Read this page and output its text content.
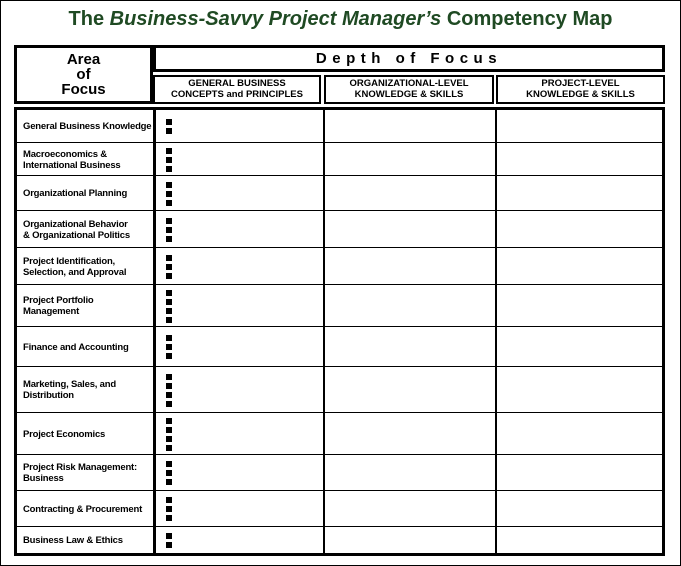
The Business-Savvy Project Manager’s Competency Map
Area
of
Focus
Depth of Focus
GENERAL BUSINESS
CONCEPTS and PRINCIPLES
ORGANIZATIONAL-LEVEL
KNOWLEDGE & SKILLS
PROJECT-LEVEL
KNOWLEDGE & SKILLS
General Business Knowledge
Macroeconomics &
International Business
Organizational Planning
Organizational Behavior
& Organizational Politics
Project Identification,
Selection, and Approval
Project Portfolio
Management
Finance and Accounting
Marketing, Sales, and
Distribution
Project Economics
Project Risk Management:
Business
Contracting & Procurement
Business Law & Ethics
